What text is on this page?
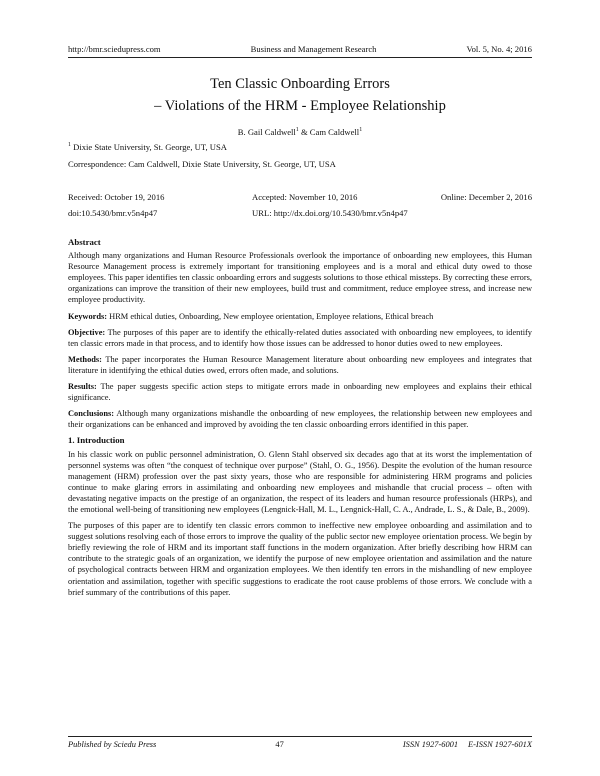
http://bmr.sciedupress.com	Business and Management Research	Vol. 5, No. 4; 2016
Ten Classic Onboarding Errors
– Violations of the HRM - Employee Relationship
B. Gail Caldwell$^1$ & Cam Caldwell$^1$
$^1$ Dixie State University, St. George, UT, USA
Correspondence: Cam Caldwell, Dixie State University, St. George, UT, USA
Received: October 19, 2016	Accepted: November 10, 2016	Online: December 2, 2016
doi:10.5430/bmr.v5n4p47	URL: http://dx.doi.org/10.5430/bmr.v5n4p47
Abstract

Although many organizations and Human Resource Professionals overlook the importance of onboarding new employees, this Human Resource Management process is extremely important for transitioning employees and is a moral and ethical duty owed to those employees. This paper identifies ten classic onboarding errors and suggests solutions to those ethical missteps. By correcting these errors, organizations can improve the transition of their new employees, build trust and commitment, reduce employee stress, and increase new employee productivity.

Keywords: HRM ethical duties, Onboarding, New employee orientation, Employee relations, Ethical breach

Objective: The purposes of this paper are to identify the ethically-related duties associated with onboarding new employees, to identify ten classic errors made in that process, and to identify how those issues can be addressed to honor duties owed to new employees.

Methods: The paper incorporates the Human Resource Management literature about onboarding new employees and integrates that literature in identifying the ethical duties owed, errors often made, and solutions.

Results: The paper suggests specific action steps to mitigate errors made in onboarding new employees and explains their ethical significance.

Conclusions: Although many organizations mishandle the onboarding of new employees, the relationship between new employees and their organizations can be enhanced and improved by avoiding the ten classic onboarding errors identified in this paper.

1. Introduction

In his classic work on public personnel administration, O. Glenn Stahl observed six decades ago that at its worst the implementation of personnel systems was often “the conquest of technique over purpose” (Stahl, O. G., 1956). Despite the evolution of the human resource management (HRM) profession over the past sixty years, those who are responsible for administering HRM programs and policies continue to make glaring errors in assimilating and onboarding new employees and mishandle that crucial process – often with devastating negative impacts on the prestige of an organization, the respect of its leaders and human resource professionals (HRPs), and the emotional well-being of transitioning new employees (Lengnick-Hall, M. L., Lengnick-Hall, C. A., Andrade, L. S., & Dale, B., 2009).

The purposes of this paper are to identify ten classic errors common to ineffective new employee onboarding and assimilation and to suggest solutions resolving each of those errors to improve the quality of the public sector new employee orientation process. We begin by briefly reviewing the role of HRM and its important staff functions in the modern organization. After briefly describing how HRM can contribute to the strategic goals of an organization, we identify the purpose of new employee orientation and assimilation and the nature of psychological contracts between HRM and organization employees. We then identify ten errors in the mishandling of new employee orientation and assimilation, together with specific suggestions to eradicate the root cause problems of those errors. We conclude with a brief summary of the contributions of this paper.

Published by Sciedu Press	47	ISSN 1927-6001 E-ISSN 1927-601X
